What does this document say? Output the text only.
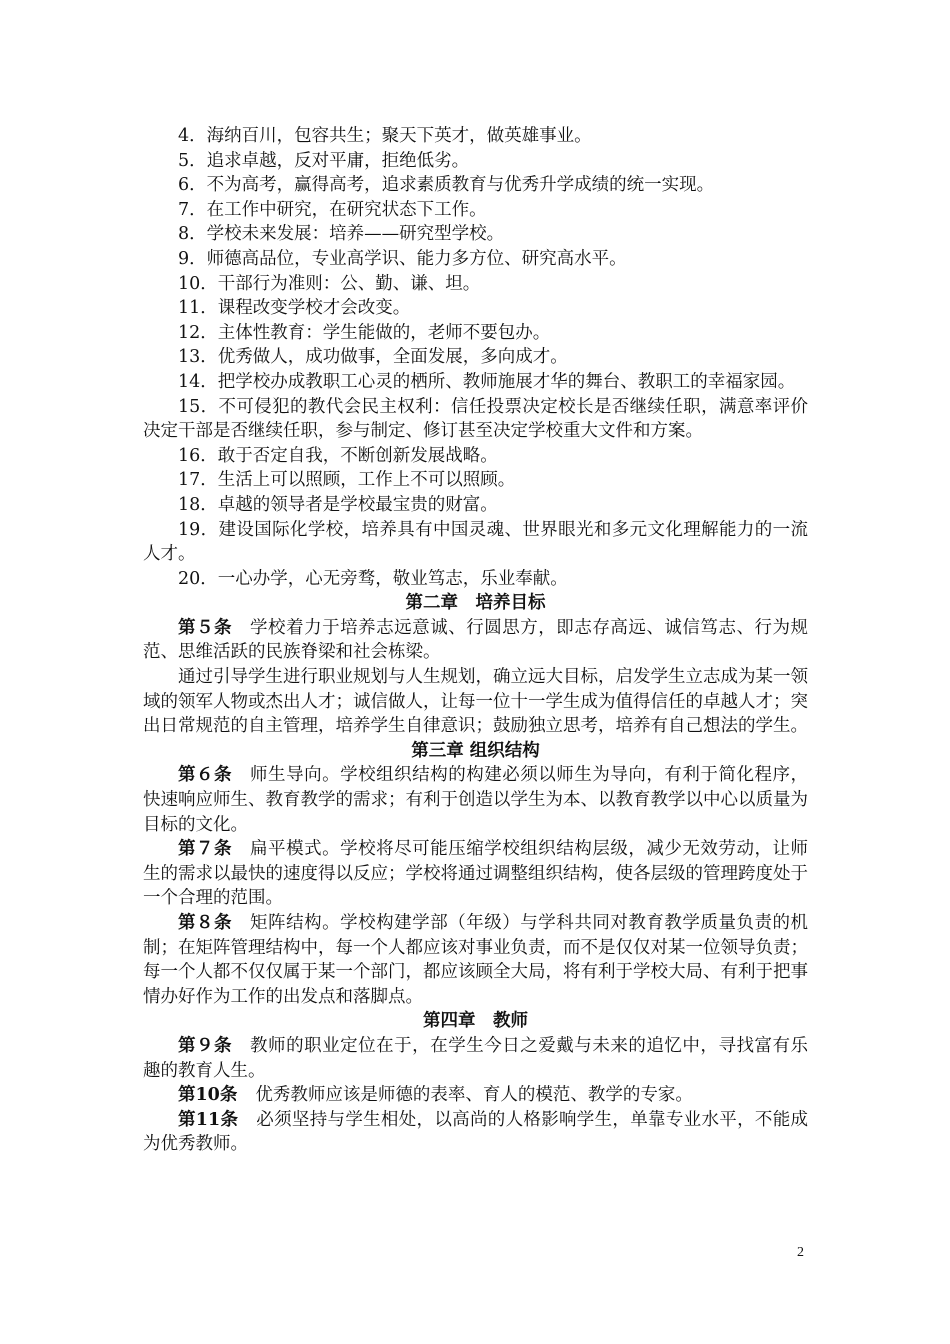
4．海纳百川，包容共生；聚天下英才，做英雄事业。

5．追求卓越，反对平庸，拒绝低劣。

6．不为高考，赢得高考，追求素质教育与优秀升学成绩的统一实现。

7．在工作中研究，在研究状态下工作。

8．学校未来发展：培养——研究型学校。

9．师德高品位，专业高学识、能力多方位、研究高水平。

10．干部行为准则：公、勤、谦、坦。

11．课程改变学校才会改变。

12．主体性教育：学生能做的，老师不要包办。

13．优秀做人，成功做事，全面发展，多向成才。

14．把学校办成教职工心灵的栖所、教师施展才华的舞台、教职工的幸福家园。

15．不可侵犯的教代会民主权利：信任投票决定校长是否继续任职，满意率评价决定干部是否继续任职，参与制定、修订甚至决定学校重大文件和方案。

16．敢于否定自我，不断创新发展战略。

17．生活上可以照顾，工作上不可以照顾。

18．卓越的领导者是学校最宝贵的财富。

19．建设国际化学校，培养具有中国灵魂、世界眼光和多元文化理解能力的一流人才。

20．一心办学，心无旁骛，敬业笃志，乐业奉献。

第二章　培养目标

第５条 学校着力于培养志远意诚、行圆思方，即志存高远、诚信笃志、行为规范、思维活跃的民族脊梁和社会栋梁。

通过引导学生进行职业规划与人生规划，确立远大目标，启发学生立志成为某一领域的领军人物或杰出人才；诚信做人，让每一位十一学生成为值得信任的卓越人才；突出日常规范的自主管理，培养学生自律意识；鼓励独立思考，培养有自己想法的学生。

第三章 组织结构

第６条 师生导向。学校组织结构的构建必须以师生为导向，有利于简化程序，快速响应师生、教育教学的需求；有利于创造以学生为本、以教育教学以中心以质量为目标的文化。

第７条 扁平模式。学校将尽可能压缩学校组织结构层级，减少无效劳动，让师生的需求以最快的速度得以反应；学校将通过调整组织结构，使各层级的管理跨度处于一个合理的范围。

第８条 矩阵结构。学校构建学部（年级）与学科共同对教育教学质量负责的机制；在矩阵管理结构中，每一个人都应该对事业负责，而不是仅仅对某一位领导负责；每一个人都不仅仅属于某一个部门，都应该顾全大局，将有利于学校大局、有利于把事情办好作为工作的出发点和落脚点。

第四章　教师

第９条 教师的职业定位在于，在学生今日之爱戴与未来的追忆中，寻找富有乐趣的教育人生。

第10条 优秀教师应该是师德的表率、育人的模范、教学的专家。

第11条 必须坚持与学生相处，以高尚的人格影响学生，单靠专业水平，不能成为优秀教师。

2
